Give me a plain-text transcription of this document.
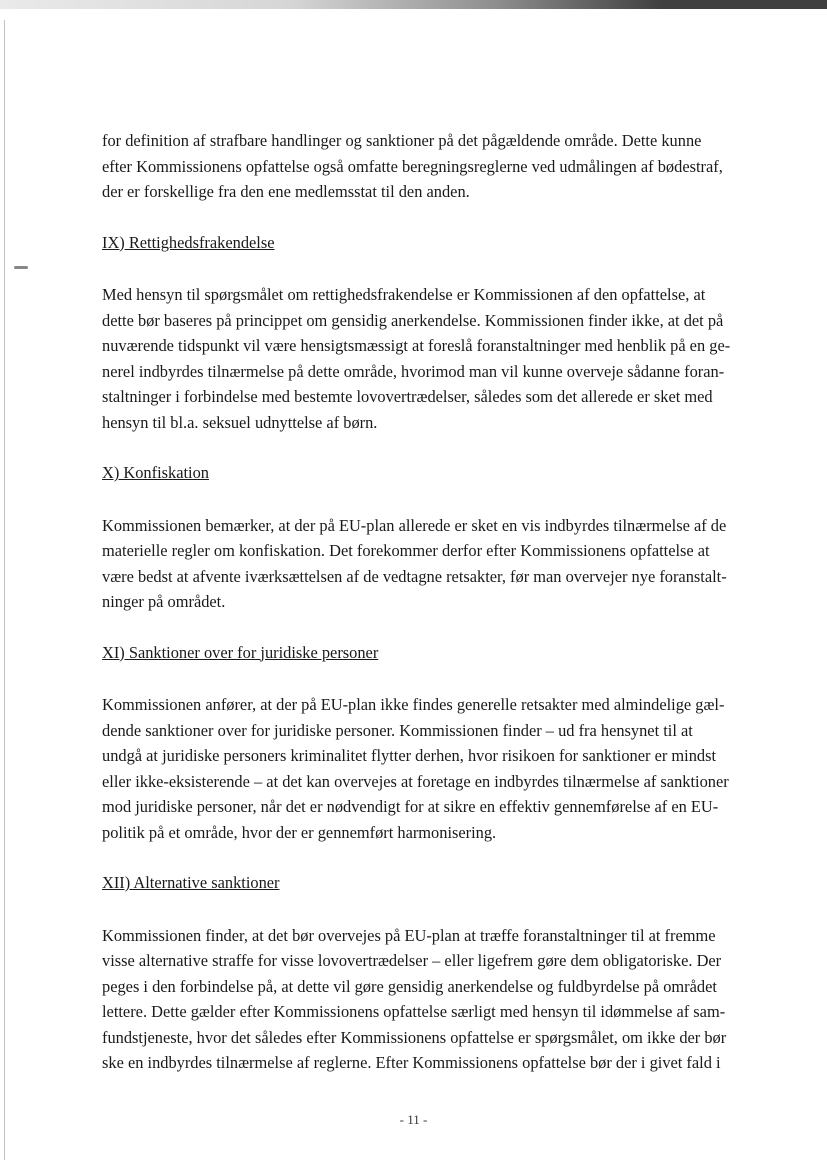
for definition af strafbare handlinger og sanktioner på det pågældende område. Dette kunne
efter Kommissionens opfattelse også omfatte beregningsreglerne ved udmålingen af bødestraf,
der er forskellige fra den ene medlemsstat til den anden.

IX) Rettighedsfrakendelse

Med hensyn til spørgsmålet om rettighedsfrakendelse er Kommissionen af den opfattelse, at
dette bør baseres på princippet om gensidig anerkendelse. Kommissionen finder ikke, at det på
nuværende tidspunkt vil være hensigtsmæssigt at foreslå foranstaltninger med henblik på en ge-
nerel indbyrdes tilnærmelse på dette område, hvorimod man vil kunne overveje sådanne foran-
staltninger i forbindelse med bestemte lovovertrædelser, således som det allerede er sket med
hensyn til bl.a. seksuel udnyttelse af børn.

X) Konfiskation

Kommissionen bemærker, at der på EU-plan allerede er sket en vis indbyrdes tilnærmelse af de
materielle regler om konfiskation. Det forekommer derfor efter Kommissionens opfattelse at
være bedst at afvente iværksættelsen af de vedtagne retsakter, før man overvejer nye foranstalt-
ninger på området.

XI) Sanktioner over for juridiske personer

Kommissionen anfører, at der på EU-plan ikke findes generelle retsakter med almindelige gæl-
dende sanktioner over for juridiske personer. Kommissionen finder – ud fra hensynet til at
undgå at juridiske personers kriminalitet flytter derhen, hvor risikoen for sanktioner er mindst
eller ikke-eksisterende – at det kan overvejes at foretage en indbyrdes tilnærmelse af sanktioner
mod juridiske personer, når det er nødvendigt for at sikre en effektiv gennemførelse af en EU-
politik på et område, hvor der er gennemført harmonisering.

XII) Alternative sanktioner

Kommissionen finder, at det bør overvejes på EU-plan at træffe foranstaltninger til at fremme
visse alternative straffe for visse lovovertrædelser – eller ligefrem gøre dem obligatoriske. Der
peges i den forbindelse på, at dette vil gøre gensidig anerkendelse og fuldbyrdelse på området
lettere. Dette gælder efter Kommissionens opfattelse særligt med hensyn til idømmelse af sam-
fundstjeneste, hvor det således efter Kommissionens opfattelse er spørgsmålet, om ikke der bør
ske en indbyrdes tilnærmelse af reglerne. Efter Kommissionens opfattelse bør der i givet fald i

- 11 -
